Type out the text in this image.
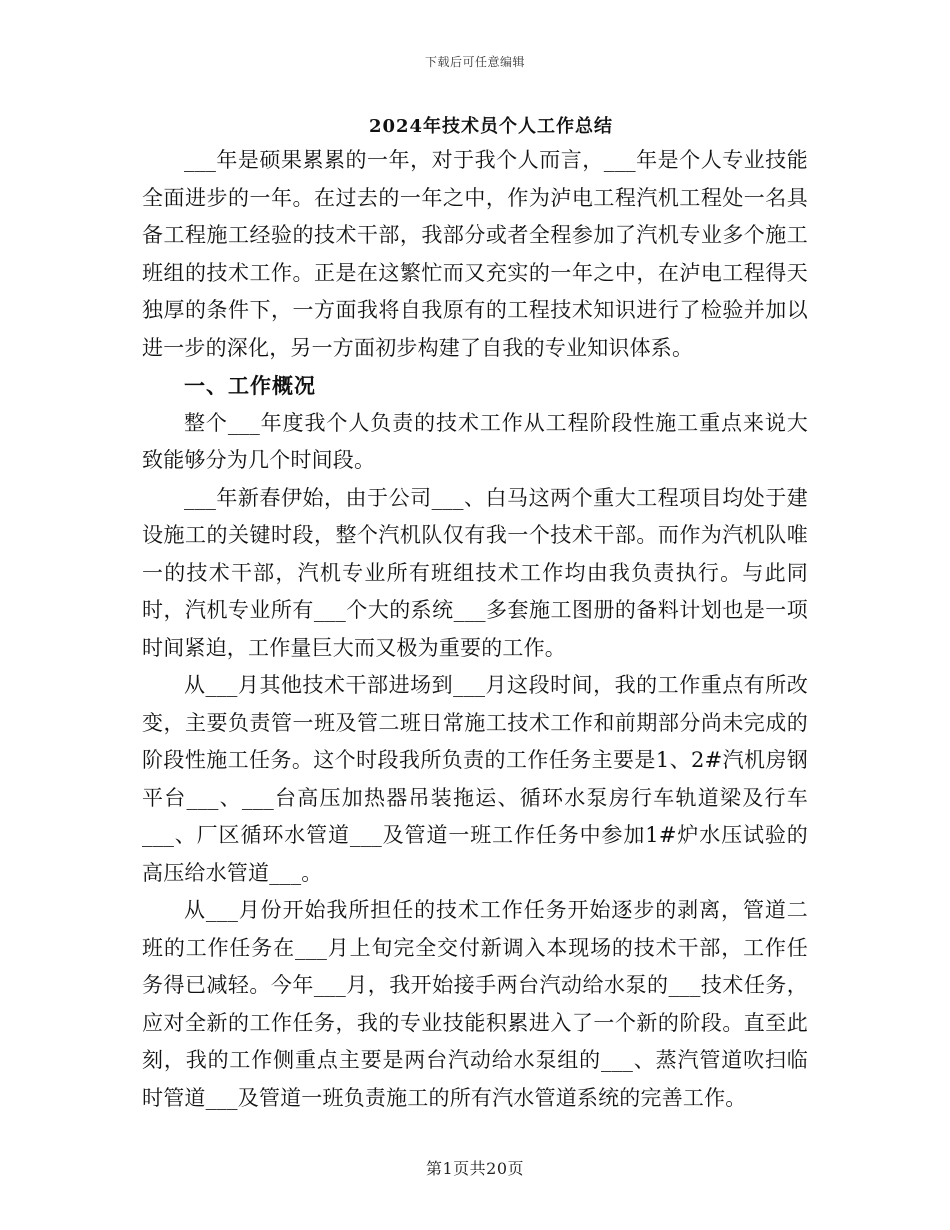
下载后可任意编辑
2024年技术员个人工作总结

___年是硕果累累的一年，对于我个人而言，___年是个人专业技能全面进步的一年。在过去的一年之中，作为泸电工程汽机工程处一名具备工程施工经验的技术干部，我部分或者全程参加了汽机专业多个施工班组的技术工作。正是在这繁忙而又充实的一年之中，在泸电工程得天独厚的条件下，一方面我将自我原有的工程技术知识进行了检验并加以进一步的深化，另一方面初步构建了自我的专业知识体系。

一、工作概况

整个___年度我个人负责的技术工作从工程阶段性施工重点来说大致能够分为几个时间段。

___年新春伊始，由于公司___、白马这两个重大工程项目均处于建设施工的关键时段，整个汽机队仅有我一个技术干部。而作为汽机队唯一的技术干部，汽机专业所有班组技术工作均由我负责执行。与此同时，汽机专业所有___个大的系统___多套施工图册的备料计划也是一项时间紧迫，工作量巨大而又极为重要的工作。

从___月其他技术干部进场到___月这段时间，我的工作重点有所改变，主要负责管一班及管二班日常施工技术工作和前期部分尚未完成的阶段性施工任务。这个时段我所负责的工作任务主要是1、2#汽机房钢平台___、___台高压加热器吊装拖运、循环水泵房行车轨道梁及行车___、厂区循环水管道___及管道一班工作任务中参加1#炉水压试验的高压给水管道___。

从___月份开始我所担任的技术工作任务开始逐步的剥离，管道二班的工作任务在___月上旬完全交付新调入本现场的技术干部，工作任务得已减轻。今年___月，我开始接手两台汽动给水泵的___技术任务，应对全新的工作任务，我的专业技能积累进入了一个新的阶段。直至此刻，我的工作侧重点主要是两台汽动给水泵组的___、蒸汽管道吹扫临时管道___及管道一班负责施工的所有汽水管道系统的完善工作。

第1页共20页
